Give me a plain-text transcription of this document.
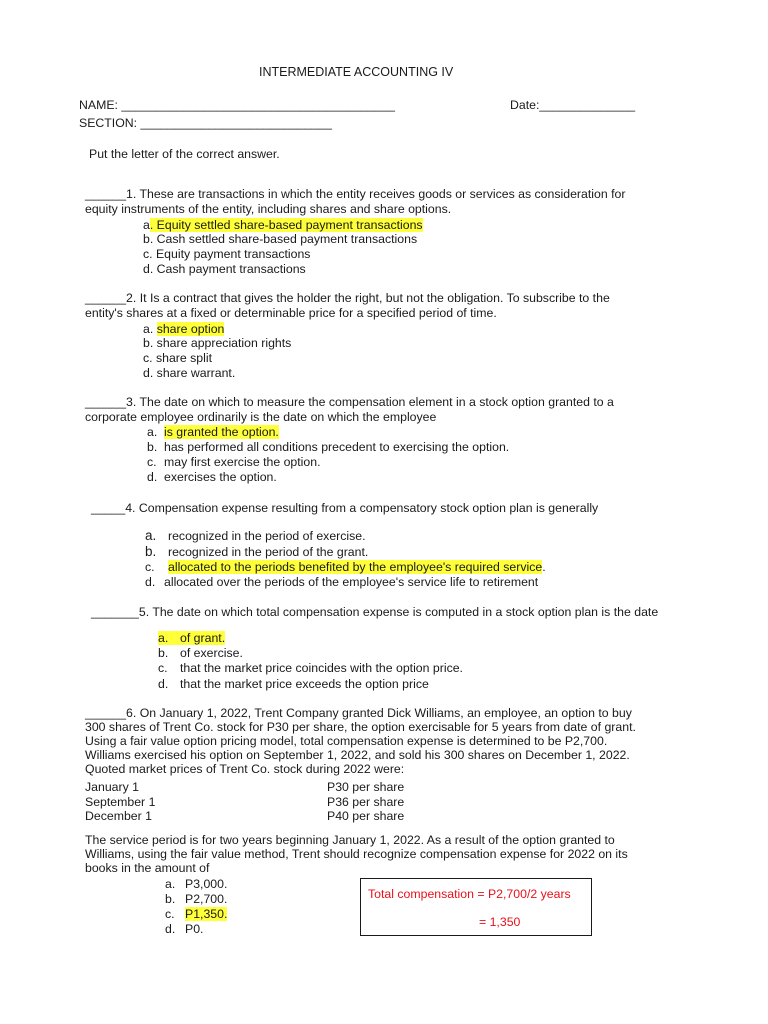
INTERMEDIATE ACCOUNTING IV
NAME: ________________________________________	Date:______________
SECTION: ____________________________
Put the letter of the correct answer.
______1. These are transactions in which the entity receives goods or services as consideration for
equity instruments of the entity, including shares and share options.
a. Equity settled share-based payment transactions
b. Cash settled share-based payment transactions
c. Equity payment transactions
d. Cash payment transactions
______2. It Is a contract that gives the holder the right, but not the obligation. To subscribe to the
entity's shares at a fixed or determinable price for a specified period of time.
a. share option
b. share appreciation rights
c. share split
d. share warrant.
______3. The date on which to measure the compensation element in a stock option granted to a
corporate employee ordinarily is the date on which the employee
a. is granted the option.
b. has performed all conditions precedent to exercising the option.
c. may first exercise the option.
d. exercises the option.
_____4. Compensation expense resulting from a compensatory stock option plan is generally
a. recognized in the period of exercise.
b. recognized in the period of the grant.
c. allocated to the periods benefited by the employee's required service.
d. allocated over the periods of the employee's service life to retirement
_______5. The date on which total compensation expense is computed in a stock option plan is the date
a. of grant.
b. of exercise.
c. that the market price coincides with the option price.
d. that the market price exceeds the option price
______6. On January 1, 2022, Trent Company granted Dick Williams, an employee, an option to buy
300 shares of Trent Co. stock for P30 per share, the option exercisable for 5 years from date of grant.
Using a fair value option pricing model, total compensation expense is determined to be P2,700.
Williams exercised his option on September 1, 2022, and sold his 300 shares on December 1, 2022.
Quoted market prices of Trent Co. stock during 2022 were:
January 1	P30 per share
September 1	P36 per share
December 1	P40 per share
The service period is for two years beginning January 1, 2022. As a result of the option granted to
Williams, using the fair value method, Trent should recognize compensation expense for 2022 on its
books in the amount of
a. P3,000.
b. P2,700.
c. P1,350.
d. P0.
Total compensation = P2,700/2 years
= 1,350
